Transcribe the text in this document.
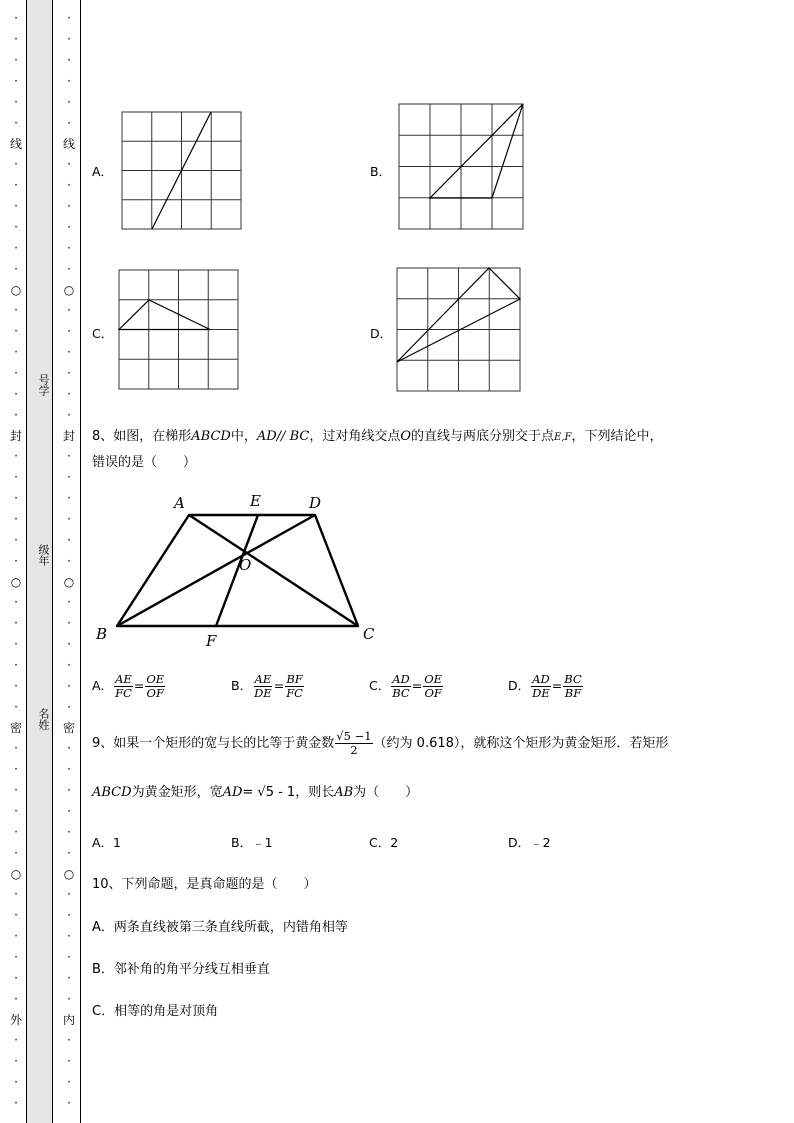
·
·
·
·
·
·
线
·
·
·
·
·
·
○
·
·
·
·
·
·
封
·
·
·
·
·
·
○
·
·
·
·
·
·
密
·
·
·
·
·
·
○
·
·
·
·
·
·
外
·
·
·
·
·
·
·
·
·
·
线
·
·
·
·
·
·
○
·
·
·
·
·
·
封
·
·
·
·
·
·
○
·
·
·
·
·
·
密
·
·
·
·
·
·
○
·
·
·
·
·
·
内
·
·
·
·
号学
级年
名姓
A．	B．
C．	D．
8、如图，在梯形ABCD中，AD// BC，过对角线交点O的直线与两底分别交于点E,F，下列结论中，
错误的是（　　）
A	E	D
O
B	F	C
A． $\frac{AE}{FC} = \frac{OE}{OF}$	B． $\frac{AE}{DE} = \frac{BF}{FC}$	C． $\frac{AD}{BC} = \frac{OE}{OF}$	D． $\frac{AD}{DE} = \frac{BC}{BF}$
9、如果一个矩形的宽与长的比等于黄金数 $\frac{√5 -1}{2}$ （约为 0.618），就称这个矩形为黄金矩形．若矩形
ABCD为黄金矩形，宽AD= √5 - 1，则长AB为（　　）
A．1	B．﹣1	C．2	D．﹣2
10、下列命题，是真命题的是（　　）
A．两条直线被第三条直线所截，内错角相等
B．邻补角的角平分线互相垂直
C．相等的角是对顶角
